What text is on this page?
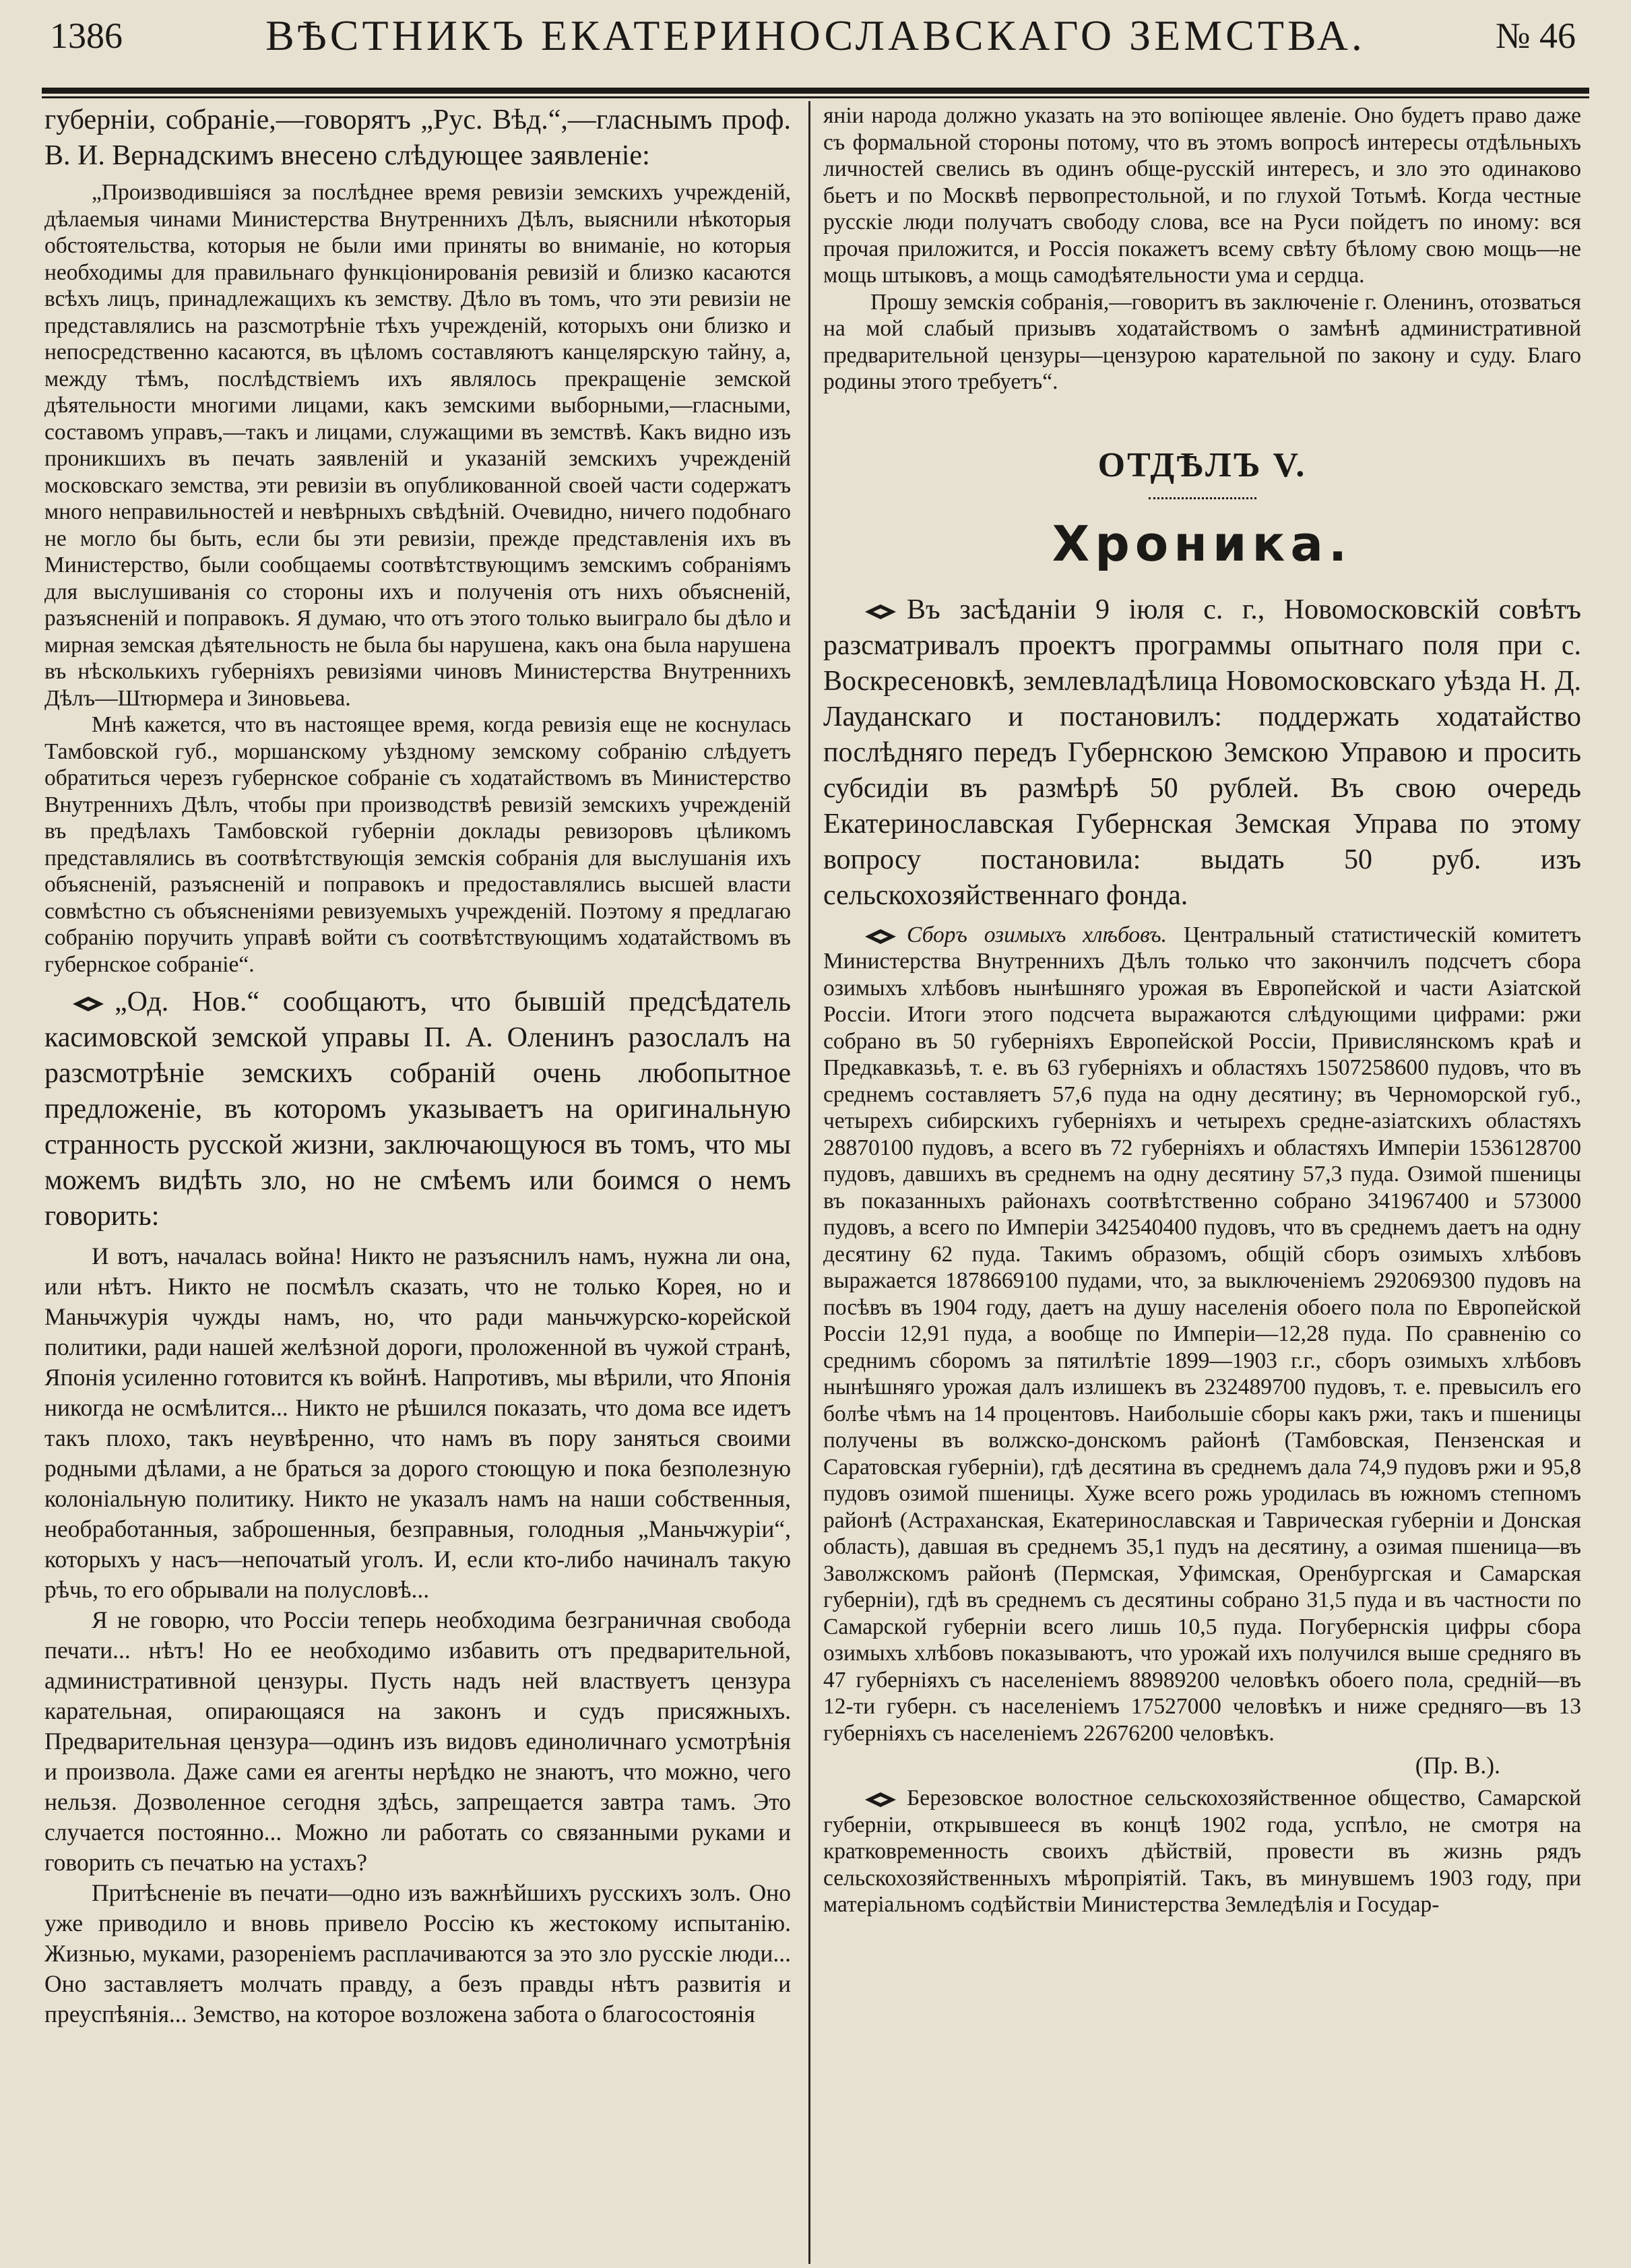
1386	ВѢСТНИКЪ ЕКАТЕРИНОСЛАВСКАГО ЗЕМСТВА.	№ 46

губерніи, собраніе,—говорятъ „Рус. Вѣд.“,—гласнымъ проф. В. И. Вернадскимъ внесено слѣдующее заявленіе:

„Производившіяся за послѣднее время ревизіи земскихъ учрежденій, дѣлаемыя чинами Министерства Внутреннихъ Дѣлъ, выяснили нѣкоторыя обстоятельства, которыя не были ими приняты во вниманіе, но которыя необходимы для правильнаго функціонированія ревизій и близко касаются всѣхъ лицъ, принадлежащихъ къ земству. Дѣло въ томъ, что эти ревизіи не представлялись на разсмотрѣніе тѣхъ учрежденій, которыхъ они близко и непосредственно касаются, въ цѣломъ составляютъ канцелярскую тайну, а, между тѣмъ, послѣдствіемъ ихъ являлось прекращеніе земской дѣятельности многими лицами, какъ земскими выборными,—гласными, составомъ управъ,—такъ и лицами, служащими въ земствѣ. Какъ видно изъ проникшихъ въ печать заявленій и указаній земскихъ учрежденій московскаго земства, эти ревизіи въ опубликованной своей части содержатъ много неправильностей и невѣрныхъ свѣдѣній. Очевидно, ничего подобнаго не могло бы быть, если бы эти ревизіи, прежде представленія ихъ въ Министерство, были сообщаемы соотвѣтствующимъ земскимъ собраніямъ для выслушиванія со стороны ихъ и полученія отъ нихъ объясненій, разъясненій и поправокъ. Я думаю, что отъ этого только выиграло бы дѣло и мирная земская дѣятельность не была бы нарушена, какъ она была нарушена въ нѣсколькихъ губерніяхъ ревизіями чиновъ Министерства Внутреннихъ Дѣлъ—Штюрмера и Зиновьева.

Мнѣ кажется, что въ настоящее время, когда ревизія еще не коснулась Тамбовской губ., моршанскому уѣздному земскому собранію слѣдуетъ обратиться черезъ губернское собраніе съ ходатайствомъ въ Министерство Внутреннихъ Дѣлъ, чтобы при производствѣ ревизій земскихъ учрежденій въ предѣлахъ Тамбовской губерніи доклады ревизоровъ цѣликомъ представлялись въ соотвѣтствующія земскія собранія для выслушанія ихъ объясненій, разъясненій и поправокъ и предоставлялись высшей власти совмѣстно съ объясненіями ревизуемыхъ учрежденій. Поэтому я предлагаю собранію поручить управѣ войти съ соотвѣтствующимъ ходатайствомъ въ губернское собраніе“.

„Од. Нов.“ сообщаютъ, что бывшій предсѣдатель касимовской земской управы П. А. Оленинъ разослалъ на разсмотрѣніе земскихъ собраній очень любопытное предложеніе, въ которомъ указываетъ на оригинальную странность русской жизни, заключающуюся въ томъ, что мы можемъ видѣть зло, но не смѣемъ или боимся о немъ говорить:

И вотъ, началась война! Никто не разъяснилъ намъ, нужна ли она, или нѣтъ. Никто не посмѣлъ сказать, что не только Корея, но и Маньчжурія чужды намъ, но, что ради маньчжурско-корейской политики, ради нашей желѣзной дороги, проложенной въ чужой странѣ, Японія усиленно готовится къ войнѣ. Напротивъ, мы вѣрили, что Японія никогда не осмѣлится... Никто не рѣшился показать, что дома все идетъ такъ плохо, такъ неувѣренно, что намъ въ пору заняться своими родными дѣлами, а не браться за дорого стоющую и пока безполезную колоніальную политику. Никто не указалъ намъ на наши собственныя, необработанныя, заброшенныя, безправныя, голодныя „Маньчжуріи“, которыхъ у насъ—непочатый уголъ. И, если кто-либо начиналъ такую рѣчь, то его обрывали на полусловѣ...

Я не говорю, что Россіи теперь необходима безграничная свобода печати... нѣтъ! Но ее необходимо избавить отъ предварительной, административной цензуры. Пусть надъ ней властвуетъ цензура карательная, опирающаяся на законъ и судъ присяжныхъ. Предварительная цензура—одинъ изъ видовъ единоличнаго усмотрѣнія и произвола. Даже сами ея агенты нерѣдко не знаютъ, что можно, чего нельзя. Дозволенное сегодня здѣсь, запрещается завтра тамъ. Это случается постоянно... Можно ли работать со связанными руками и говорить съ печатью на устахъ?

Притѣсненіе въ печати—одно изъ важнѣйшихъ русскихъ золъ. Оно уже приводило и вновь привело Россію къ жестокому испытанію. Жизнью, муками, разореніемъ расплачиваются за это зло русскіе люди... Оно заставляетъ молчать правду, а безъ правды нѣтъ развитія и преуспѣянія... Земство, на которое возложена забота о благосостоянія

яніи народа должно указать на это вопіющее явленіе. Оно будетъ право даже съ формальной стороны потому, что въ этомъ вопросѣ интересы отдѣльныхъ личностей свелись въ одинъ обще-русскій интересъ, и зло это одинаково бьетъ и по Москвѣ первопрестольной, и по глухой Тотьмѣ. Когда честные русскіе люди получатъ свободу слова, все на Руси пойдетъ по иному: вся прочая приложится, и Россія покажетъ всему свѣту бѣлому свою мощь—не мощь штыковъ, а мощь самодѣятельности ума и сердца.

Прошу земскія собранія,—говоритъ въ заключеніе г. Оленинъ, отозваться на мой слабый призывъ ходатайствомъ о замѣнѣ административной предварительной цензуры—цензурою карательной по закону и суду. Благо родины этого требуетъ“.

ОТДѢЛЪ V.
Хроника.

Въ засѣданіи 9 іюля с. г., Новомосковскій совѣтъ разсматривалъ проектъ программы опытнаго поля при с. Воскресеновкѣ, землевладѣлица Новомосковскаго уѣзда Н. Д. Лауданскаго и постановилъ: поддержать ходатайство послѣдняго передъ Губернскою Земскою Управою и просить субсидіи въ размѣрѣ 50 рублей. Въ свою очередь Екатеринославская Губернская Земская Управа по этому вопросу постановила: выдать 50 руб. изъ сельскохозяйственнаго фонда.

Сборъ озимыхъ хлѣбовъ. Центральный статистическій комитетъ Министерства Внутреннихъ Дѣлъ только что закончилъ подсчетъ сбора озимыхъ хлѣбовъ нынѣшняго урожая въ Европейской и части Азіатской Россіи. Итоги этого подсчета выражаются слѣдующими цифрами: ржи собрано въ 50 губерніяхъ Европейской Россіи, Привислянскомъ краѣ и Предкавказьѣ, т. е. въ 63 губерніяхъ и областяхъ 1507258600 пудовъ, что въ среднемъ составляетъ 57,6 пуда на одну десятину; въ Черноморской губ., четырехъ сибирскихъ губерніяхъ и четырехъ средне-азіатскихъ областяхъ 28870100 пудовъ, а всего въ 72 губерніяхъ и областяхъ Имперіи 1536128700 пудовъ, давшихъ въ среднемъ на одну десятину 57,3 пуда. Озимой пшеницы въ показанныхъ районахъ соотвѣтственно собрано 341967400 и 573000 пудовъ, а всего по Имперіи 342540400 пудовъ, что въ среднемъ даетъ на одну десятину 62 пуда. Такимъ образомъ, общій сборъ озимыхъ хлѣбовъ выражается 1878669100 пудами, что, за выключеніемъ 292069300 пудовъ на посѣвъ въ 1904 году, даетъ на душу населенія обоего пола по Европейской Россіи 12,91 пуда, а вообще по Имперіи—12,28 пуда. По сравненію со среднимъ сборомъ за пятилѣтіе 1899—1903 г.г., сборъ озимыхъ хлѣбовъ нынѣшняго урожая далъ излишекъ въ 232489700 пудовъ, т. е. превысилъ его болѣе чѣмъ на 14 процентовъ. Наибольшіе сборы какъ ржи, такъ и пшеницы получены въ волжско-донскомъ районѣ (Тамбовская, Пензенская и Саратовская губерніи), гдѣ десятина въ среднемъ дала 74,9 пудовъ ржи и 95,8 пудовъ озимой пшеницы. Хуже всего рожь уродилась въ южномъ степномъ районѣ (Астраханская, Екатеринославская и Таврическая губерніи и Донская область), давшая въ среднемъ 35,1 пудъ на десятину, а озимая пшеница—въ Заволжскомъ районѣ (Пермская, Уфимская, Оренбургская и Самарская губерніи), гдѣ въ среднемъ съ десятины собрано 31,5 пуда и въ частности по Самарской губерніи всего лишь 10,5 пуда. Погубернскія цифры сбора озимыхъ хлѣбовъ показываютъ, что урожай ихъ получился выше средняго въ 47 губерніяхъ съ населеніемъ 88989200 человѣкъ обоего пола, средній—въ 12-ти губерн. съ населеніемъ 17527000 человѣкъ и ниже средняго—въ 13 губерніяхъ съ населеніемъ 22676200 человѣкъ.

(Пр. В.).

Березовское волостное сельскохозяйственное общество, Самарской губерніи, открывшееся въ концѣ 1902 года, успѣло, не смотря на кратковременность своихъ дѣйствій, провести въ жизнь рядъ сельскохозяйственныхъ мѣропріятій. Такъ, въ минувшемъ 1903 году, при матеріальномъ содѣйствіи Министерства Земледѣлія и Государ-
